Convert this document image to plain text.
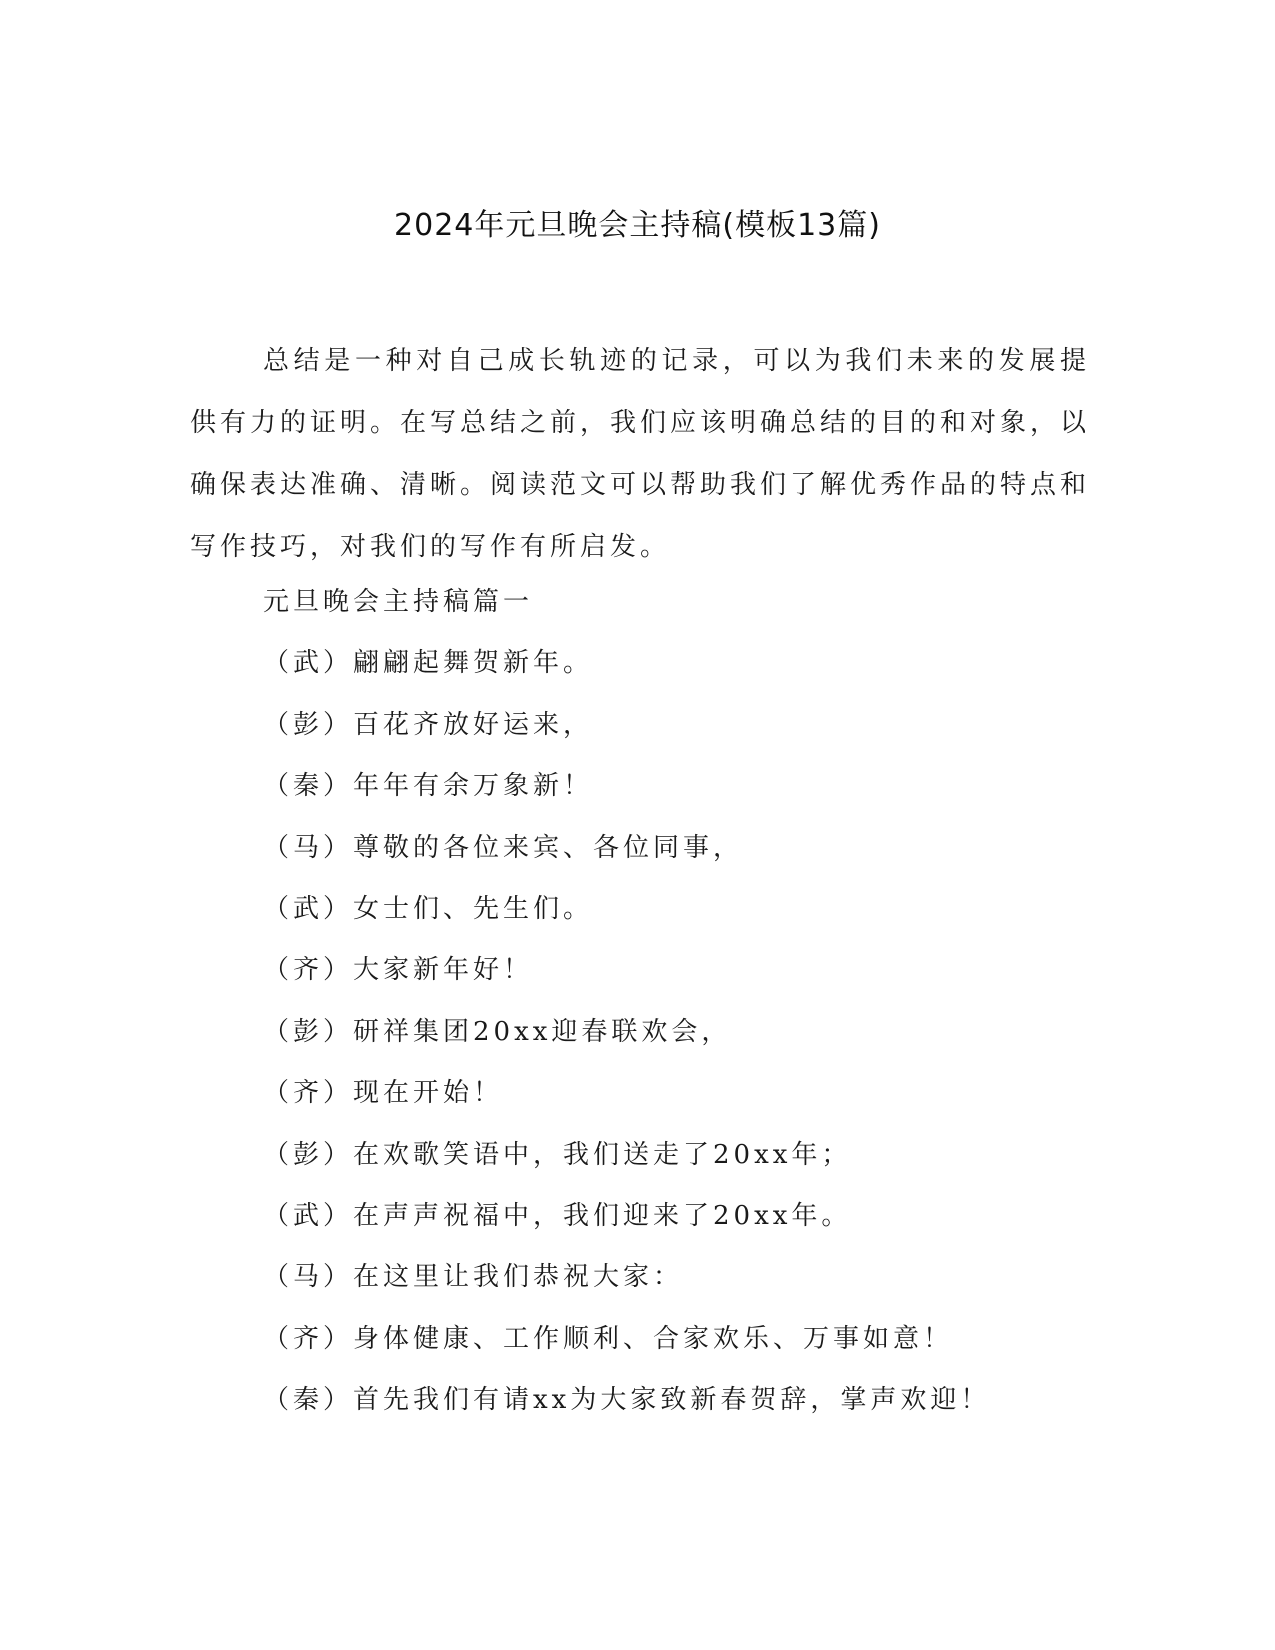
2024年元旦晚会主持稿(模板13篇)

总结是一种对自己成长轨迹的记录，可以为我们未来的发展提供有力的证明。在写总结之前，我们应该明确总结的目的和对象，以确保表达准确、清晰。阅读范文可以帮助我们了解优秀作品的特点和写作技巧，对我们的写作有所启发。

元旦晚会主持稿篇一

（武）翩翩起舞贺新年。

（彭）百花齐放好运来，

（秦）年年有余万象新！

（马）尊敬的各位来宾、各位同事，

（武）女士们、先生们。

（齐）大家新年好！

（彭）研祥集团20xx迎春联欢会，

（齐）现在开始！

（彭）在欢歌笑语中，我们送走了20xx年；

（武）在声声祝福中，我们迎来了20xx年。

（马）在这里让我们恭祝大家：

（齐）身体健康、工作顺利、合家欢乐、万事如意！

（秦）首先我们有请xx为大家致新春贺辞，掌声欢迎！
